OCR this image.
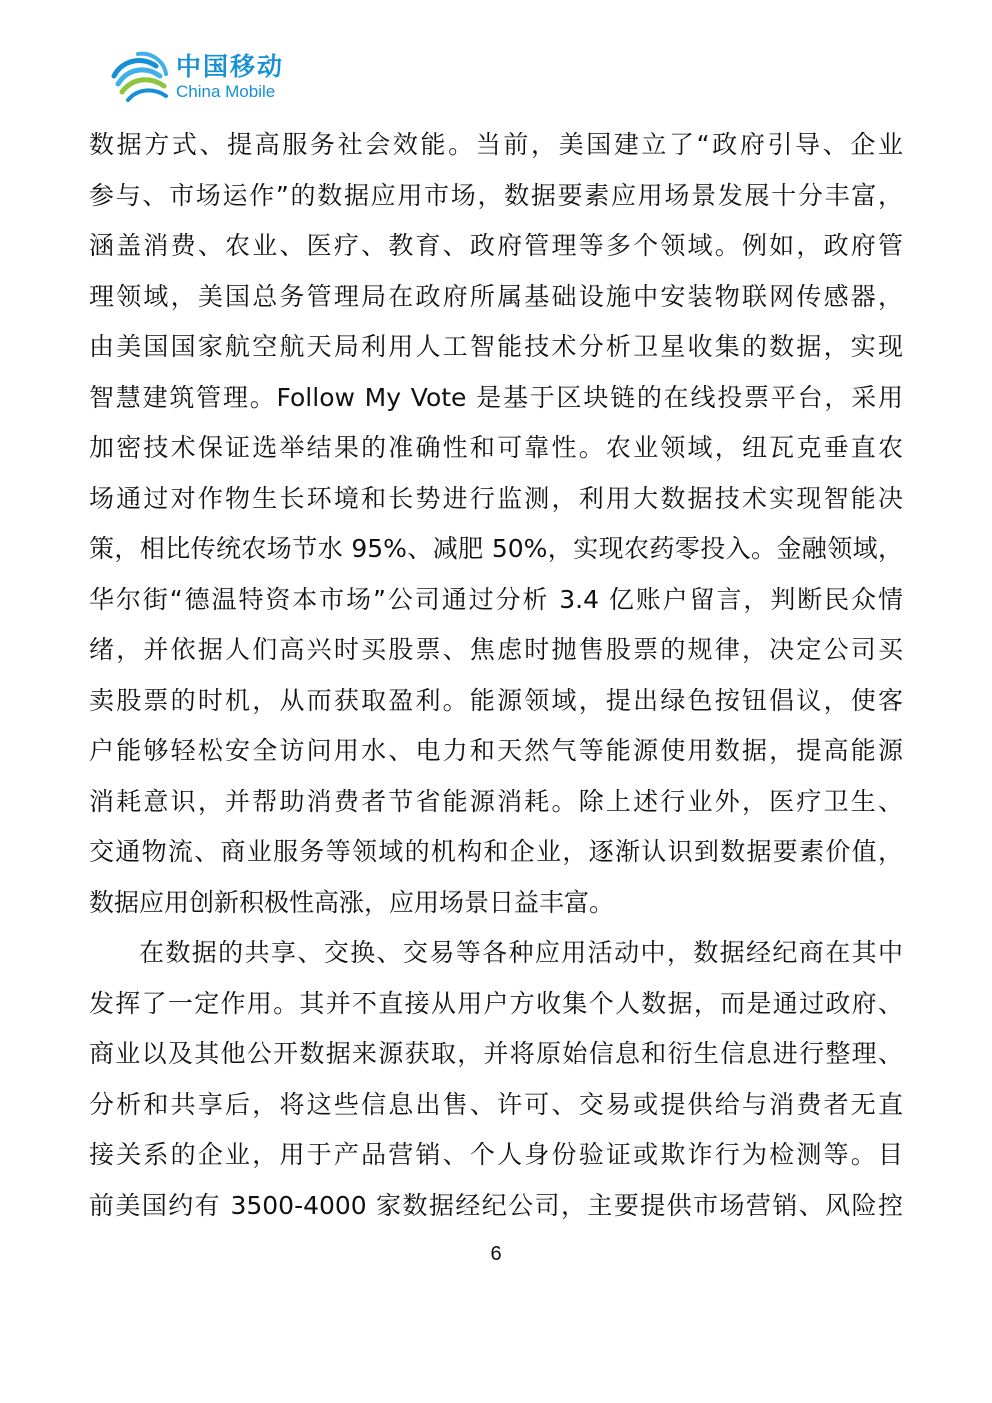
中国移动
China Mobile

数据方式、提高服务社会效能。当前，美国建立了“政府引导、企业
参与、市场运作”的数据应用市场，数据要素应用场景发展十分丰富，
涵盖消费、农业、医疗、教育、政府管理等多个领域。例如，政府管
理领域，美国总务管理局在政府所属基础设施中安装物联网传感器，
由美国国家航空航天局利用人工智能技术分析卫星收集的数据，实现
智慧建筑管理。Follow My Vote 是基于区块链的在线投票平台，采用
加密技术保证选举结果的准确性和可靠性。农业领域，纽瓦克垂直农
场通过对作物生长环境和长势进行监测，利用大数据技术实现智能决
策，相比传统农场节水 95%、减肥 50%，实现农药零投入。金融领域，
华尔街“德温特资本市场”公司通过分析 3.4 亿账户留言，判断民众情
绪，并依据人们高兴时买股票、焦虑时抛售股票的规律，决定公司买
卖股票的时机，从而获取盈利。能源领域，提出绿色按钮倡议，使客
户能够轻松安全访问用水、电力和天然气等能源使用数据，提高能源
消耗意识，并帮助消费者节省能源消耗。除上述行业外，医疗卫生、
交通物流、商业服务等领域的机构和企业，逐渐认识到数据要素价值，
数据应用创新积极性高涨，应用场景日益丰富。

在数据的共享、交换、交易等各种应用活动中，数据经纪商在其中
发挥了一定作用。其并不直接从用户方收集个人数据，而是通过政府、
商业以及其他公开数据来源获取，并将原始信息和衍生信息进行整理、
分析和共享后，将这些信息出售、许可、交易或提供给与消费者无直
接关系的企业，用于产品营销、个人身份验证或欺诈行为检测等。目
前美国约有 3500-4000 家数据经纪公司，主要提供市场营销、风险控

6
